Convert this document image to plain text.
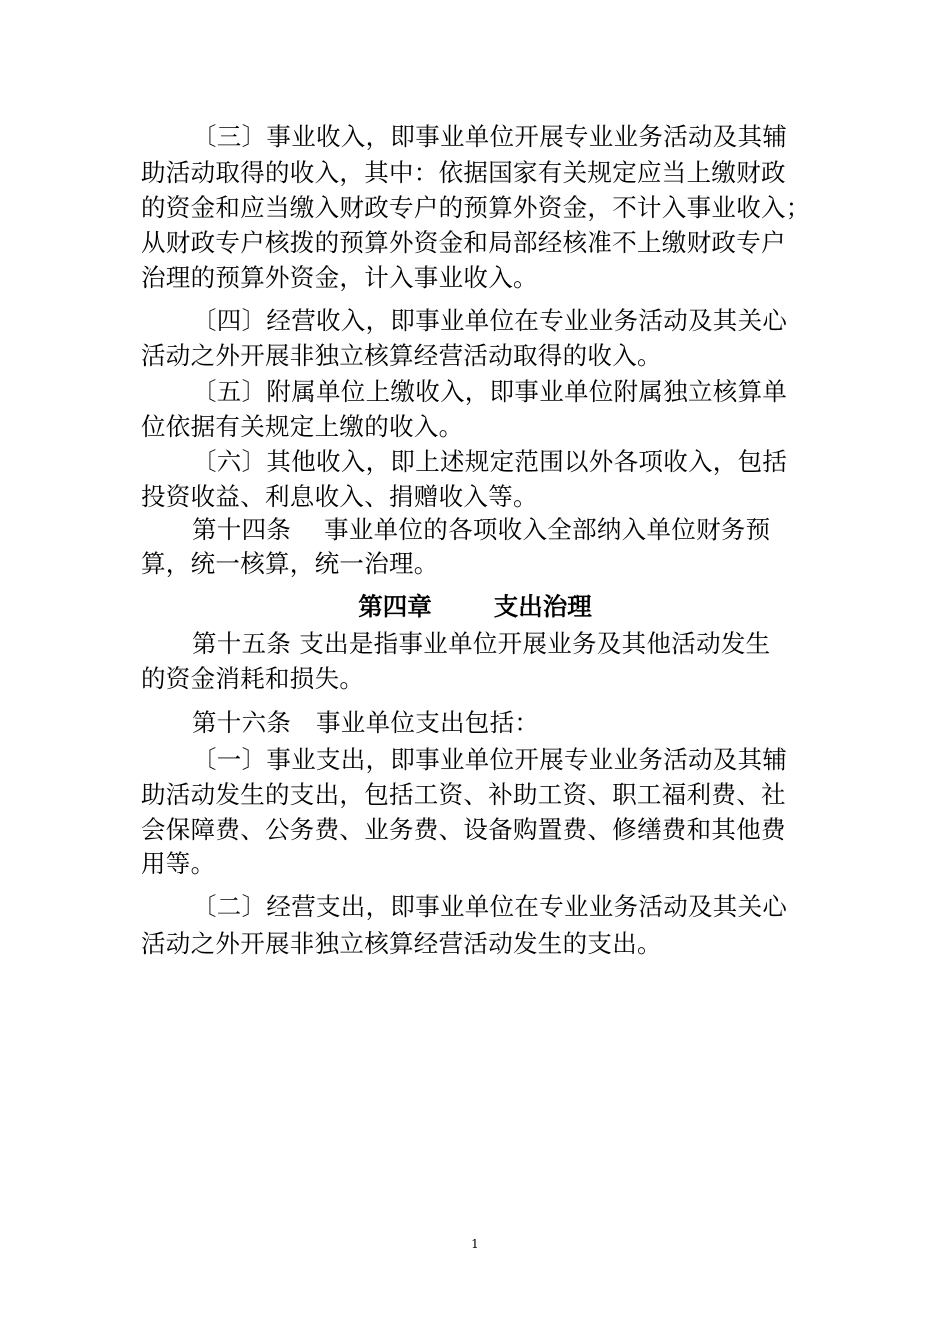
〔三〕事业收入，即事业单位开展专业业务活动及其辅
助活动取得的收入，其中：依据国家有关规定应当上缴财政
的资金和应当缴入财政专户的预算外资金，不计入事业收入；
从财政专户核拨的预算外资金和局部经核准不上缴财政专户
治理的预算外资金，计入事业收入。
〔四〕经营收入，即事业单位在专业业务活动及其关心
活动之外开展非独立核算经营活动取得的收入。
〔五〕附属单位上缴收入，即事业单位附属独立核算单
位依据有关规定上缴的收入。
〔六〕其他收入，即上述规定范围以外各项收入，包括
投资收益、利息收入、捐赠收入等。
第十四条　 事业单位的各项收入全部纳入单位财务预
算，统一核算，统一治理。
第四章	支出治理
第十五条 支出是指事业单位开展业务及其他活动发生
的资金消耗和损失。
第十六条　事业单位支出包括：
〔一〕事业支出，即事业单位开展专业业务活动及其辅
助活动发生的支出，包括工资、补助工资、职工福利费、社
会保障费、公务费、业务费、设备购置费、修缮费和其他费
用等。
〔二〕经营支出，即事业单位在专业业务活动及其关心
活动之外开展非独立核算经营活动发生的支出。
1
